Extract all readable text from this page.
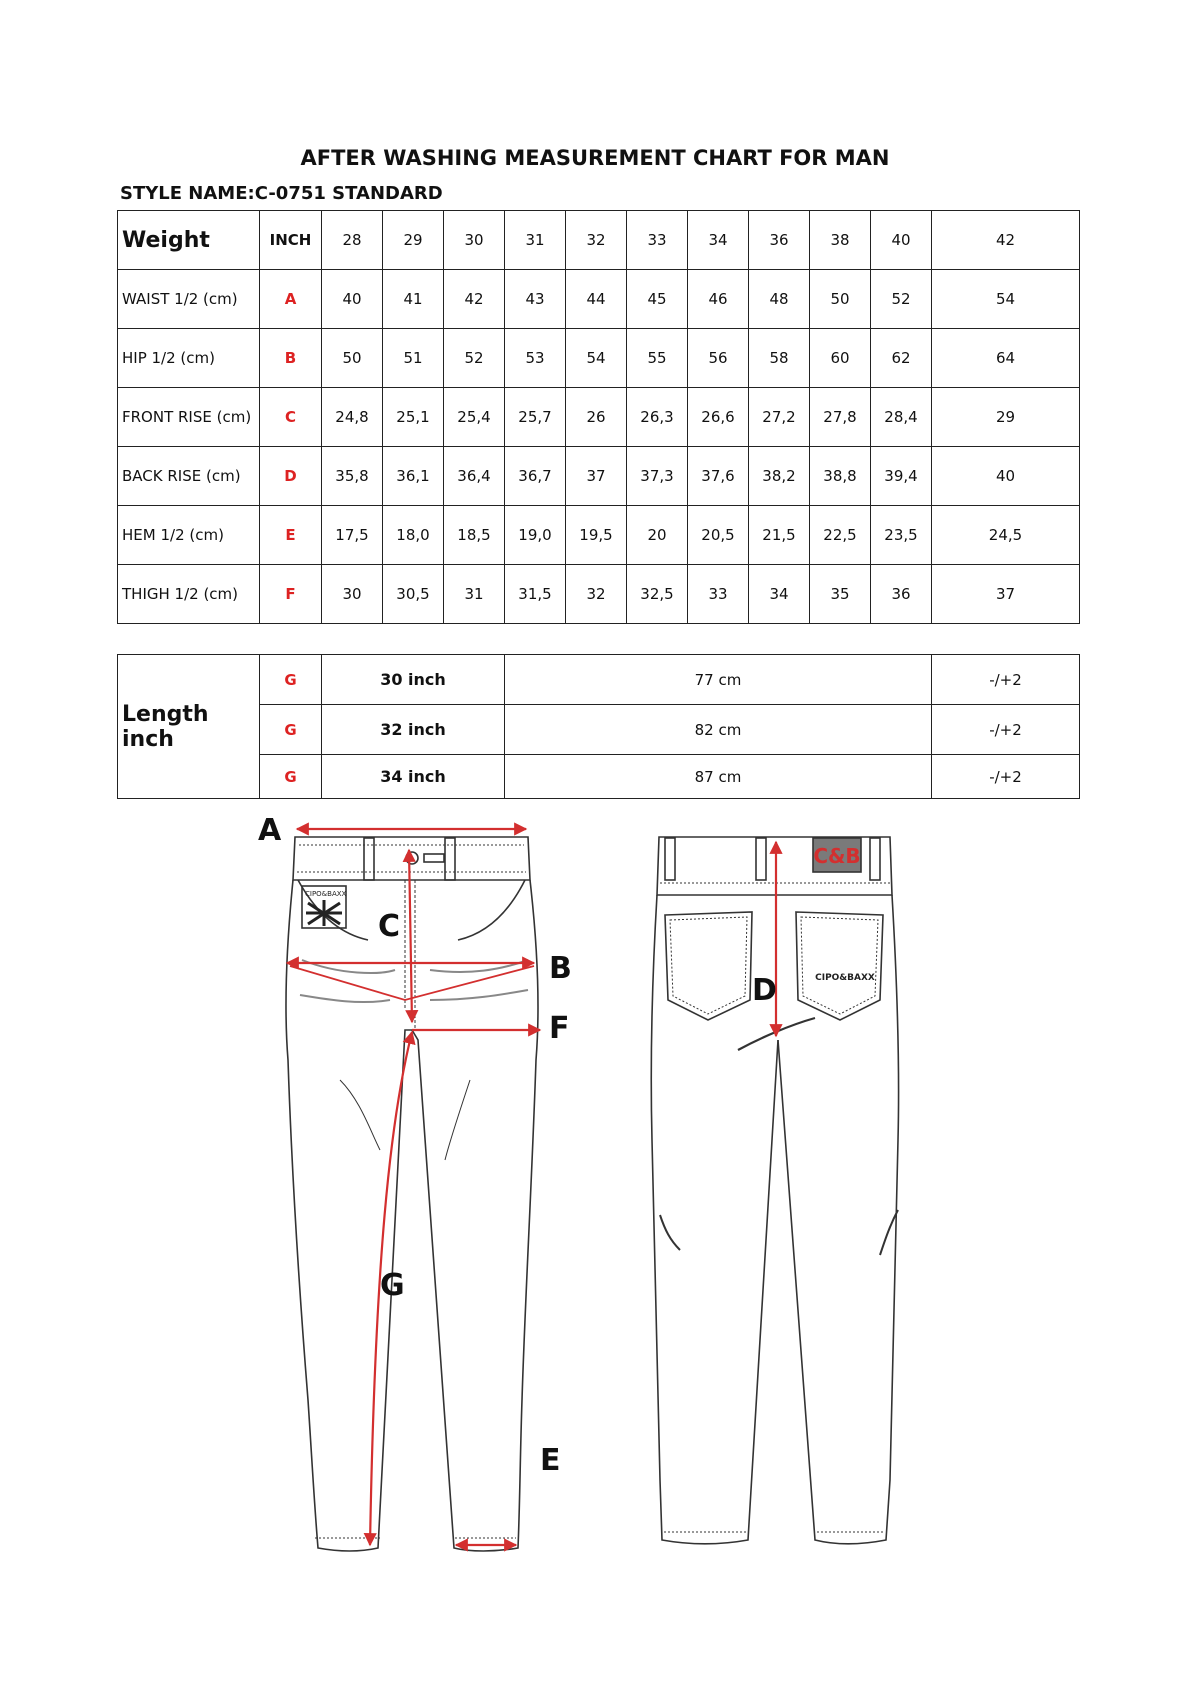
AFTER WASHING MEASUREMENT CHART FOR MAN
STYLE NAME:C-0751 STANDARD
Weight	INCH	28	29	30	31	32	33	34	36	38	40	42
WAIST 1/2 (cm)	A	40	41	42	43	44	45	46	48	50	52	54
HIP 1/2 (cm)	B	50	51	52	53	54	55	56	58	60	62	64
FRONT RISE (cm)	C	24,8	25,1	25,4	25,7	26	26,3	26,6	27,2	27,8	28,4	29
BACK RISE (cm)	D	35,8	36,1	36,4	36,7	37	37,3	37,6	38,2	38,8	39,4	40
HEM 1/2 (cm)	E	17,5	18,0	18,5	19,0	19,5	20	20,5	21,5	22,5	23,5	24,5
THIGH 1/2 (cm)	F	30	30,5	31	31,5	32	32,5	33	34	35	36	37
Length inch	G	30 inch	77 cm	-/+2
	G	32 inch	82 cm	-/+2
	G	34 inch	87 cm	-/+2
CIPO&BAXX
A
C
B
F
G
E
C&B
CIPO&BAXX
D
